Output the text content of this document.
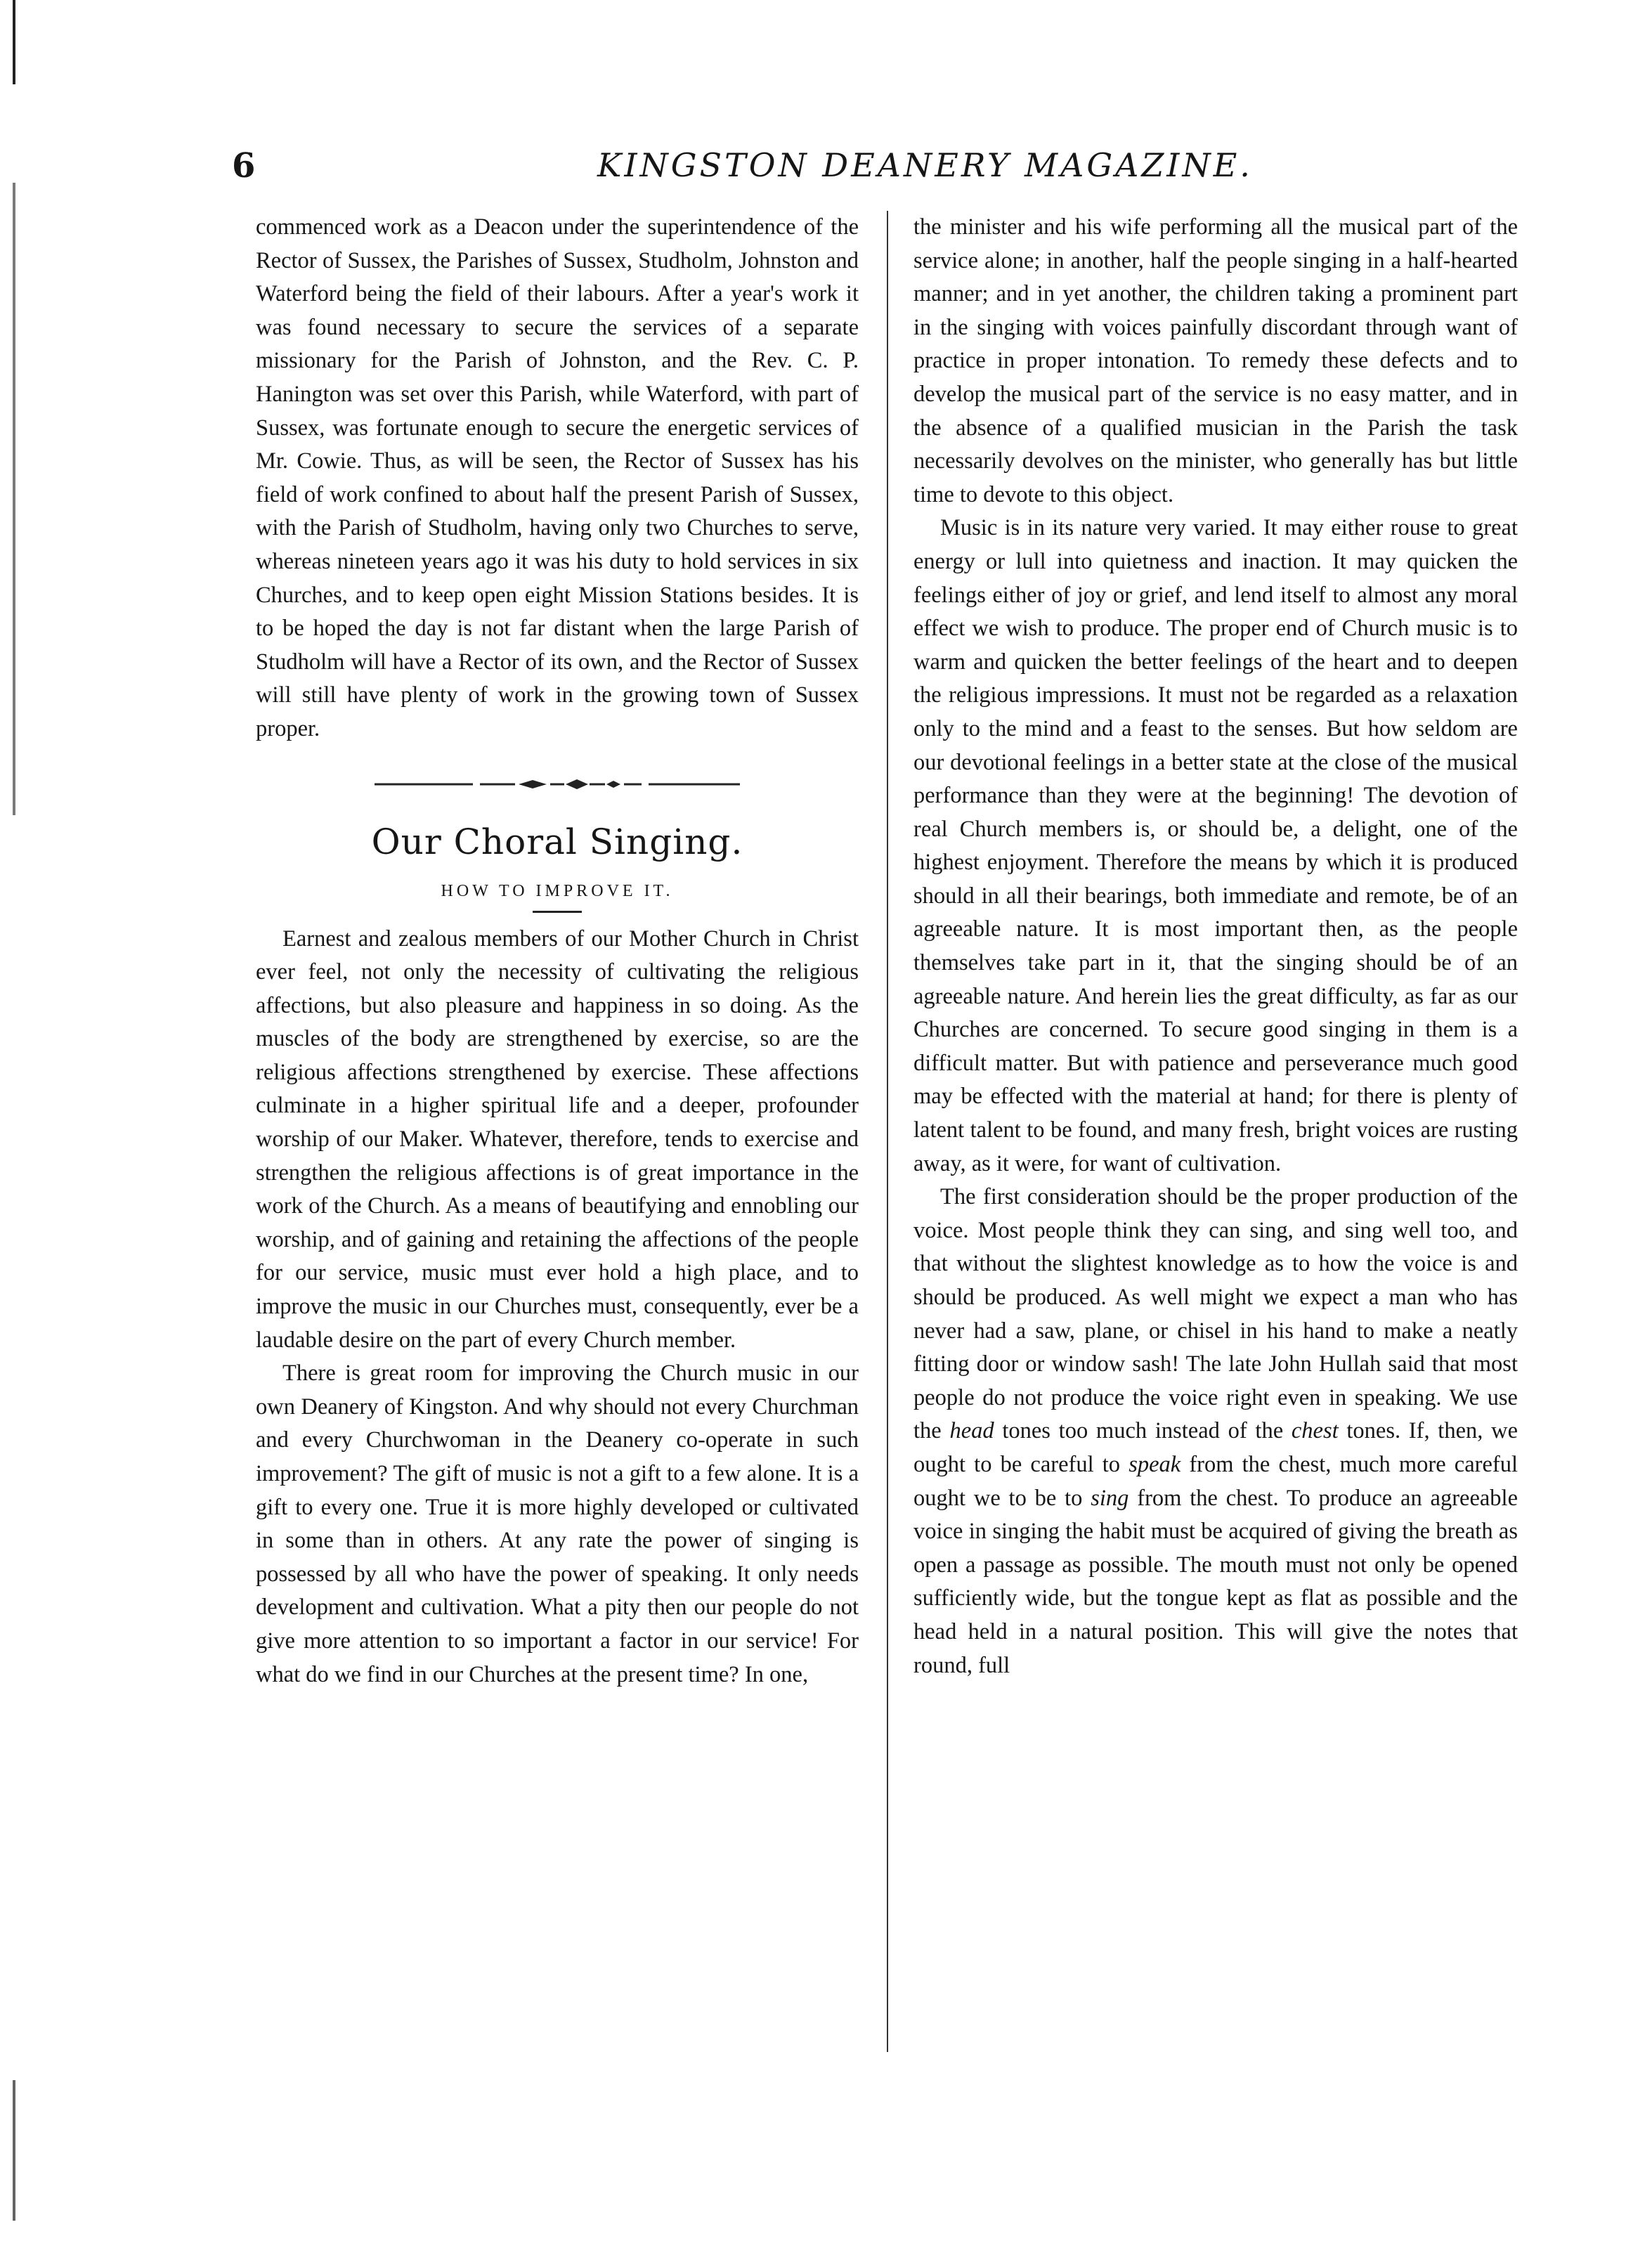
6	KINGSTON DEANERY MAGAZINE.

commenced work as a Deacon under the superintendence of the Rector of Sussex, the Parishes of Sussex, Studholm, Johnston and Waterford being the field of their labours. After a year's work it was found necessary to secure the services of a separate missionary for the Parish of Johnston, and the Rev. C. P. Hanington was set over this Parish, while Waterford, with part of Sussex, was fortunate enough to secure the energetic services of Mr. Cowie. Thus, as will be seen, the Rector of Sussex has his field of work confined to about half the present Parish of Sussex, with the Parish of Studholm, having only two Churches to serve, whereas nineteen years ago it was his duty to hold services in six Churches, and to keep open eight Mission Stations besides. It is to be hoped the day is not far distant when the large Parish of Studholm will have a Rector of its own, and the Rector of Sussex will still have plenty of work in the growing town of Sussex proper.

Our Choral Singing.
HOW TO IMPROVE IT.

Earnest and zealous members of our Mother Church in Christ ever feel, not only the necessity of cultivating the religious affections, but also pleasure and happiness in so doing. As the muscles of the body are strengthened by exercise, so are the religious affections strengthened by exercise. These affections culminate in a higher spiritual life and a deeper, profounder worship of our Maker. Whatever, therefore, tends to exercise and strengthen the religious affections is of great importance in the work of the Church. As a means of beautifying and ennobling our worship, and of gaining and retaining the affections of the people for our service, music must ever hold a high place, and to improve the music in our Churches must, consequently, ever be a laudable desire on the part of every Church member.

There is great room for improving the Church music in our own Deanery of Kingston. And why should not every Churchman and every Churchwoman in the Deanery co-operate in such improvement? The gift of music is not a gift to a few alone. It is a gift to every one. True it is more highly developed or cultivated in some than in others. At any rate the power of singing is possessed by all who have the power of speaking. It only needs development and cultivation. What a pity then our people do not give more attention to so important a factor in our service! For what do we find in our Churches at the present time? In one,

the minister and his wife performing all the musical part of the service alone; in another, half the people singing in a half-hearted manner; and in yet another, the children taking a prominent part in the singing with voices painfully discordant through want of practice in proper intonation. To remedy these defects and to develop the musical part of the service is no easy matter, and in the absence of a qualified musician in the Parish the task necessarily devolves on the minister, who generally has but little time to devote to this object.

Music is in its nature very varied. It may either rouse to great energy or lull into quietness and inaction. It may quicken the feelings either of joy or grief, and lend itself to almost any moral effect we wish to produce. The proper end of Church music is to warm and quicken the better feelings of the heart and to deepen the religious impressions. It must not be regarded as a relaxation only to the mind and a feast to the senses. But how seldom are our devotional feelings in a better state at the close of the musical performance than they were at the beginning! The devotion of real Church members is, or should be, a delight, one of the highest enjoyment. Therefore the means by which it is produced should in all their bearings, both immediate and remote, be of an agreeable nature. It is most important then, as the people themselves take part in it, that the singing should be of an agreeable nature. And herein lies the great difficulty, as far as our Churches are concerned. To secure good singing in them is a difficult matter. But with patience and perseverance much good may be effected with the material at hand; for there is plenty of latent talent to be found, and many fresh, bright voices are rusting away, as it were, for want of cultivation.

The first consideration should be the proper production of the voice. Most people think they can sing, and sing well too, and that without the slightest knowledge as to how the voice is and should be produced. As well might we expect a man who has never had a saw, plane, or chisel in his hand to make a neatly fitting door or window sash! The late John Hullah said that most people do not produce the voice right even in speaking. We use the head tones too much instead of the chest tones. If, then, we ought to be careful to speak from the chest, much more careful ought we to be to sing from the chest. To produce an agreeable voice in singing the habit must be acquired of giving the breath as open a passage as possible. The mouth must not only be opened sufficiently wide, but the tongue kept as flat as possible and the head held in a natural position. This will give the notes that round, full
